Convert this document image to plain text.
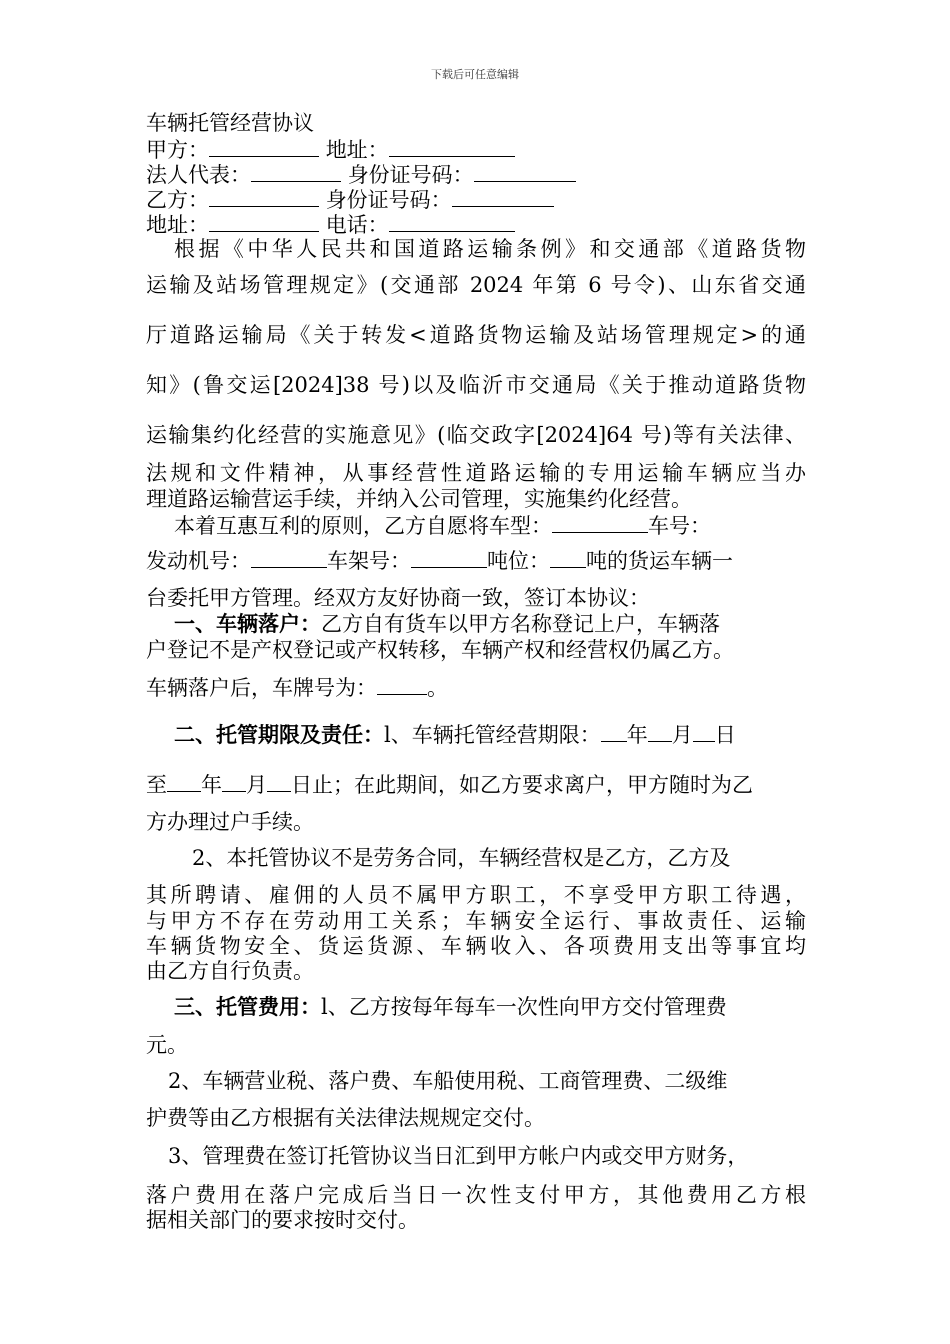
下载后可任意编辑
车辆托管经营协议
甲方：	地址：
法人代表：	身份证号码：
乙方：	身份证号码：
地址：	电话：
根据《中华人民共和国道路运输条例》和交通部《道路货物
运输及站场管理规定》(交通部 2024 年第 6 号令)、山东省交通
厅道路运输局《关于转发<道路货物运输及站场管理规定>的通
知》(鲁交运[2024]38 号)以及临沂市交通局《关于推动道路货物
运输集约化经营的实施意见》(临交政字[2024]64 号)等有关法律、
法规和文件精神，从事经营性道路运输的专用运输车辆应当办
理道路运输营运手续，并纳入公司管理，实施集约化经营。
本着互惠互利的原则，乙方自愿将车型：	车号：
发动机号：	车架号：	吨位： 吨的货运车辆一
台委托甲方管理。经双方友好协商一致，签订本协议：
一、车辆落户：乙方自有货车以甲方名称登记上户，车辆落
户登记不是产权登记或产权转移，车辆产权和经营权仍属乙方。
车辆落户后，车牌号为： 。
二、托管期限及责任：l、车辆托管经营期限： 年 月 日
至 年 月 日止；在此期间，如乙方要求离户，甲方随时为乙
方办理过户手续。
2、本托管协议不是劳务合同，车辆经营权是乙方，乙方及
其所聘请、雇佣的人员不属甲方职工，不享受甲方职工待遇，
与甲方不存在劳动用工关系；车辆安全运行、事故责任、运输
车辆货物安全、货运货源、车辆收入、各项费用支出等事宜均
由乙方自行负责。
三、托管费用：l、乙方按每年每车一次性向甲方交付管理费
元。
2、车辆营业税、落户费、车船使用税、工商管理费、二级维
护费等由乙方根据有关法律法规规定交付。
3、管理费在签订托管协议当日汇到甲方帐户内或交甲方财务，
落户费用在落户完成后当日一次性支付甲方，其他费用乙方根
据相关部门的要求按时交付。
